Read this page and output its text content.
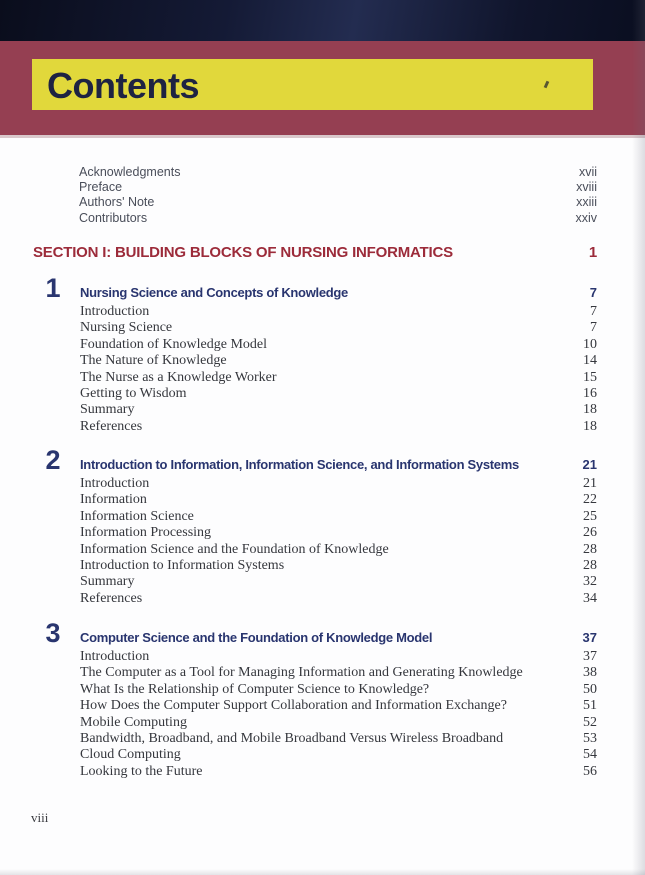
Contents
Acknowledgments	xvii
Preface	xviii
Authors' Note	xxiii
Contributors	xxiv
SECTION I: BUILDING BLOCKS OF NURSING INFORMATICS	1
1	Nursing Science and Concepts of Knowledge	7
Introduction	7
Nursing Science	7
Foundation of Knowledge Model	10
The Nature of Knowledge	14
The Nurse as a Knowledge Worker	15
Getting to Wisdom	16
Summary	18
References	18
2	Introduction to Information, Information Science, and Information Systems	21
Introduction	21
Information	22
Information Science	25
Information Processing	26
Information Science and the Foundation of Knowledge	28
Introduction to Information Systems	28
Summary	32
References	34
3	Computer Science and the Foundation of Knowledge Model	37
Introduction	37
The Computer as a Tool for Managing Information and Generating Knowledge	38
What Is the Relationship of Computer Science to Knowledge?	50
How Does the Computer Support Collaboration and Information Exchange?	51
Mobile Computing	52
Bandwidth, Broadband, and Mobile Broadband Versus Wireless Broadband	53
Cloud Computing	54
Looking to the Future	56
viii
